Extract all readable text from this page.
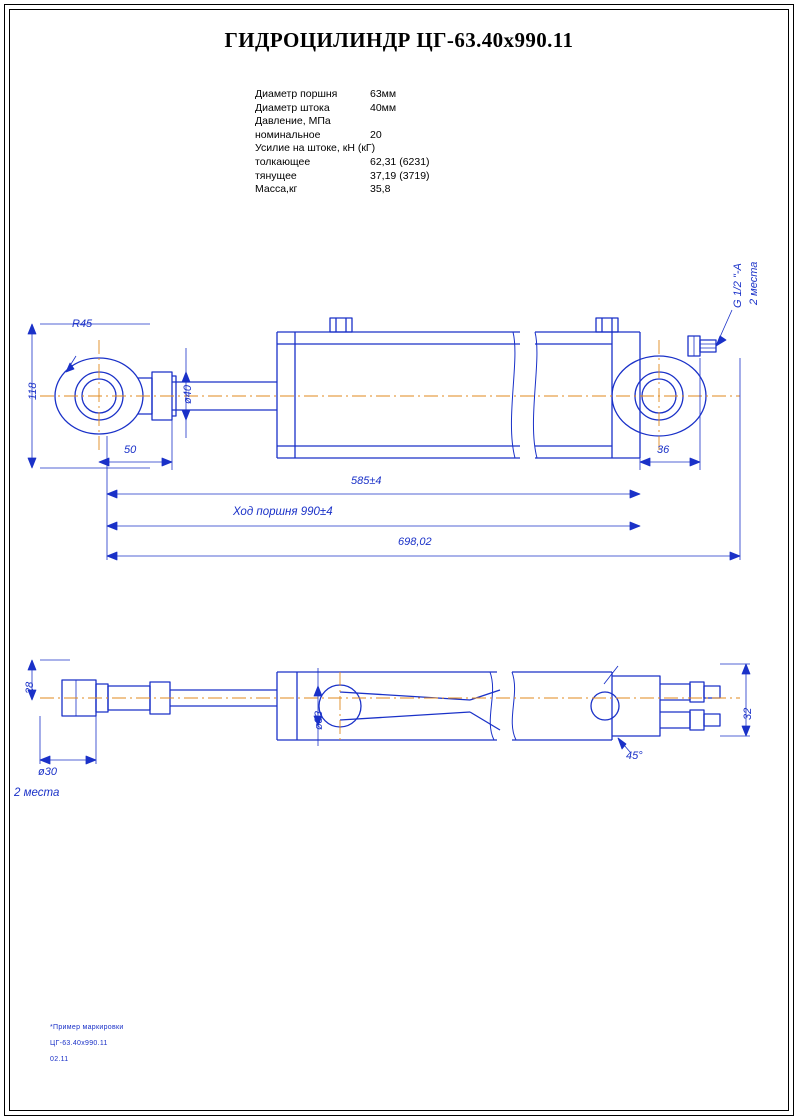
ГИДРОЦИЛИНДР ЦГ-63.40х990.11
Диаметр поршня	63мм
Диаметр штока	40мм
Давление, МПа
номинальное	20
Усилие на штоке, кН (кГ)
толкающее	62,31 (6231)
тянущее	37,19 (3719)
Масса,кг	35,8
R45
118	ø40
50
585±4
Ход поршня 990±4
698,02
36
G 1/2 "-A 2 места
28
ø30
2 места
ø83	32
45°
*Пример маркировки
ЦГ-63.40х990.11
02.11
